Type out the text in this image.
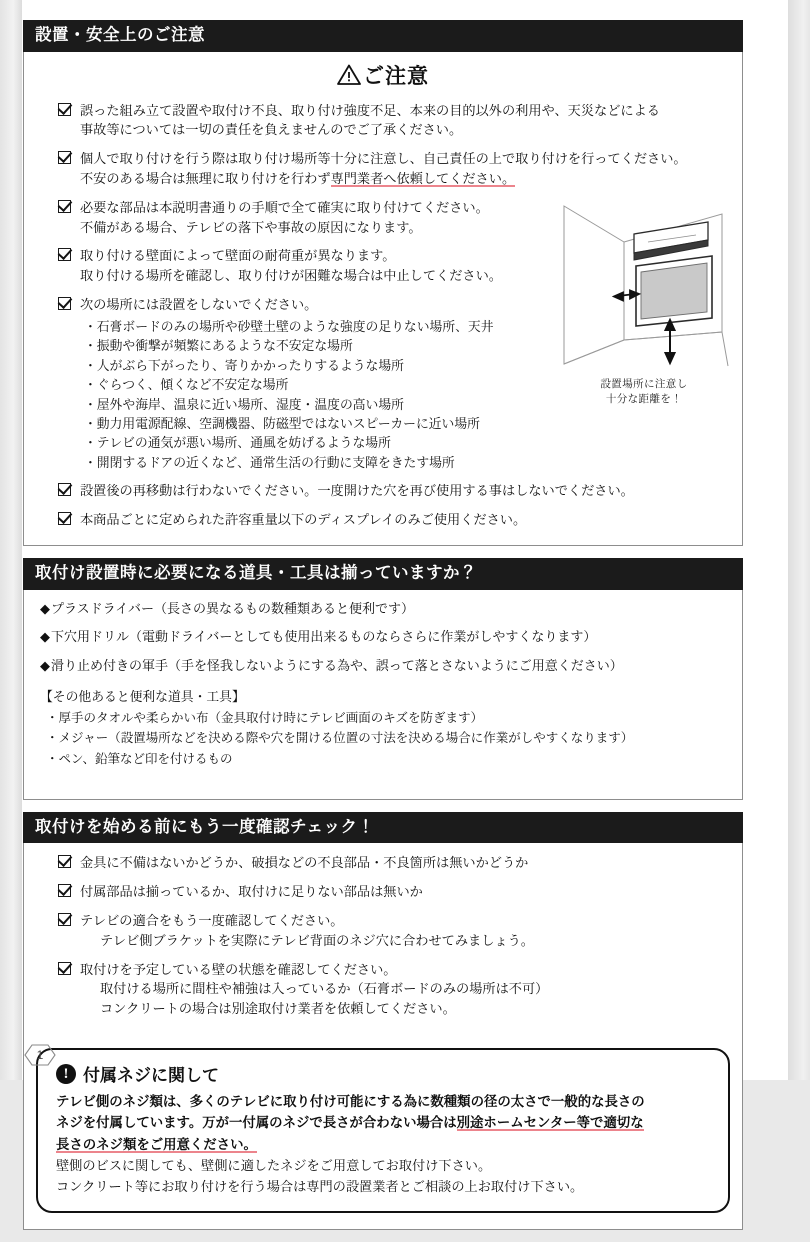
設置・安全上のご注意
ご注意
誤った組み立て設置や取付け不良、取り付け強度不足、本来の目的以外の利用や、天災などによる
事故等については一切の責任を負えませんのでご了承ください。
個人で取り付けを行う際は取り付け場所等十分に注意し、自己責任の上で取り付けを行ってください。
不安のある場合は無理に取り付けを行わず専門業者へ依頼してください。
必要な部品は本説明書通りの手順で全て確実に取り付けてください。
不備がある場合、テレビの落下や事故の原因になります。
取り付ける壁面によって壁面の耐荷重が異なります。
取り付ける場所を確認し、取り付けが困難な場合は中止してください。
次の場所には設置をしないでください。
・ 石膏ボードのみの場所や砂壁土壁のような強度の足りない場所、天井
・ 振動や衝撃が頻繁にあるような不安定な場所
・ 人がぶら下がったり、寄りかかったりするような場所
・ ぐらつく、傾くなど不安定な場所
・ 屋外や海岸、温泉に近い場所、湿度・温度の高い場所
・ 動力用電源配線、空調機器、防磁型ではないスピーカーに近い場所
・ テレビの通気が悪い場所、通風を妨げるような場所
・ 開閉するドアの近くなど、通常生活の行動に支障をきたす場所
設置後の再移動は行わないでください。一度開けた穴を再び使用する事はしないでください。
本商品ごとに定められた許容重量以下のディスプレイのみご使用ください。
設置場所に注意し
十分な距離を！
取付け設置時に必要になる道具・工具は揃っていますか？
◆プラスドライバー（長さの異なるもの数種類あると便利です）
◆下穴用ドリル（電動ドライバーとしても使用出来るものならさらに作業がしやすくなります）
◆滑り止め付きの軍手（手を怪我しないようにする為や、誤って落とさないようにご用意ください）
【その他あると便利な道具・工具】
・ 厚手のタオルや柔らかい布（金具取付け時にテレビ画面のキズを防ぎます）
・ メジャー（設置場所などを決める際や穴を開ける位置の寸法を決める場合に作業がしやすくなります）
・ ペン、鉛筆など印を付けるもの
取付けを始める前にもう一度確認チェック！
金具に不備はないかどうか、破損などの不良部品・不良箇所は無いかどうか
付属部品は揃っているか、取付けに足りない部品は無いか
テレビの適合をもう一度確認してください。
テレビ側ブラケットを実際にテレビ背面のネジ穴に合わせてみましょう。
取付けを予定している壁の状態を確認してください。
取付ける場所に間柱や補強は入っているか（石膏ボードのみの場所は不可）
コンクリートの場合は別途取付け業者を依頼してください。
! 付属ネジに関して
テレビ側のネジ類は、多くのテレビに取り付け可能にする為に数種類の径の太さで一般的な長さの
ネジを付属しています。万が一付属のネジで長さが合わない場合は別途ホームセンター等で適切な
長さのネジ類をご用意ください。
壁側のビスに関しても、壁側に適したネジをご用意してお取付け下さい。
コンクリート等にお取り付けを行う場合は専門の設置業者とご相談の上お取付け下さい。
1
